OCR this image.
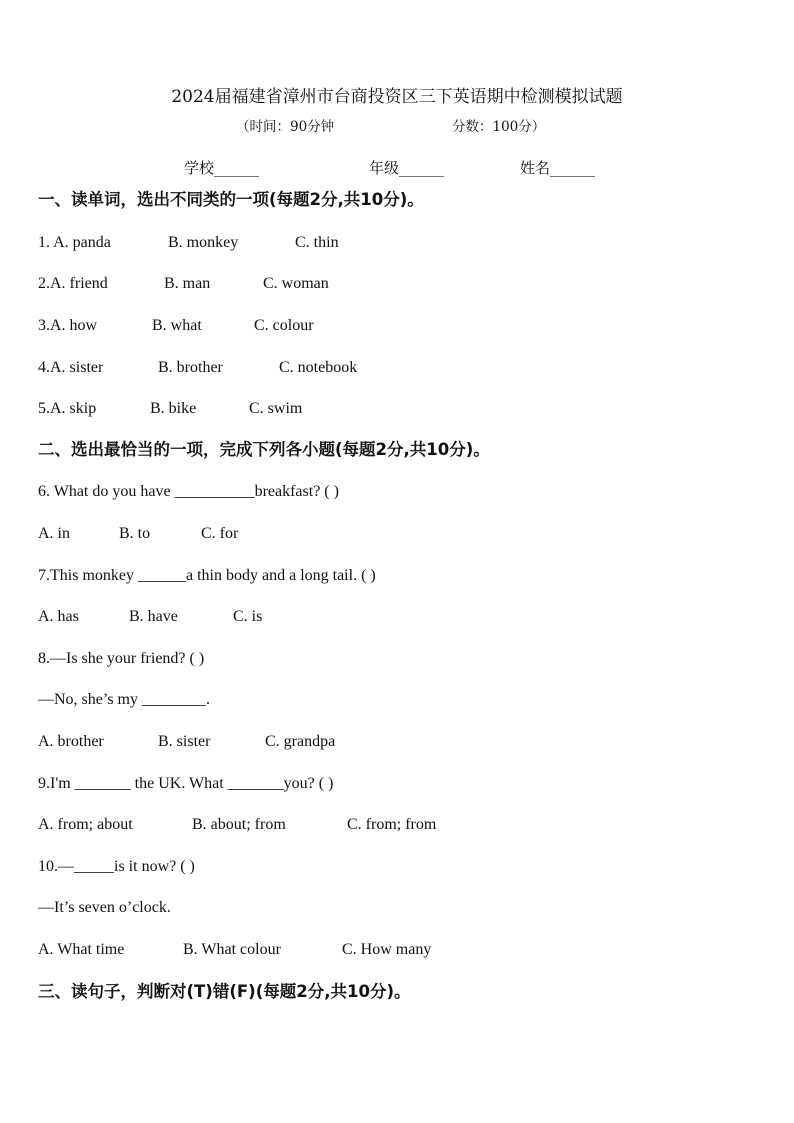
2024届福建省漳州市台商投资区三下英语期中检测模拟试题
（时间：90分钟	分数：100分）
学校______	年级______	姓名______
一、读单词，选出不同类的一项(每题2分,共10分)。
1. A. panda	B. monkey	C. thin
2.A. friend	B. man	C. woman
3.A. how	B. what	C. colour
4.A. sister	B. brother	C. notebook
5.A. skip	B. bike	C. swim
二、选出最恰当的一项，完成下列各小题(每题2分,共10分)。
6. What do you have __________breakfast? ( )
A. in	B. to	C. for
7.This monkey ______a thin body and a long tail. ( )
A. has	B. have	C. is
8.—Is she your friend? ( )
—No, she’s my ________.
A. brother	B. sister	C. grandpa
9.I'm _______ the UK. What _______you? ( )
A. from; about	B. about; from	C. from; from
10.—_____is it now? ( )
—It’s seven o’clock.
A. What time	B. What colour	C. How many
三、读句子，判断对(T)错(F)(每题2分,共10分)。
